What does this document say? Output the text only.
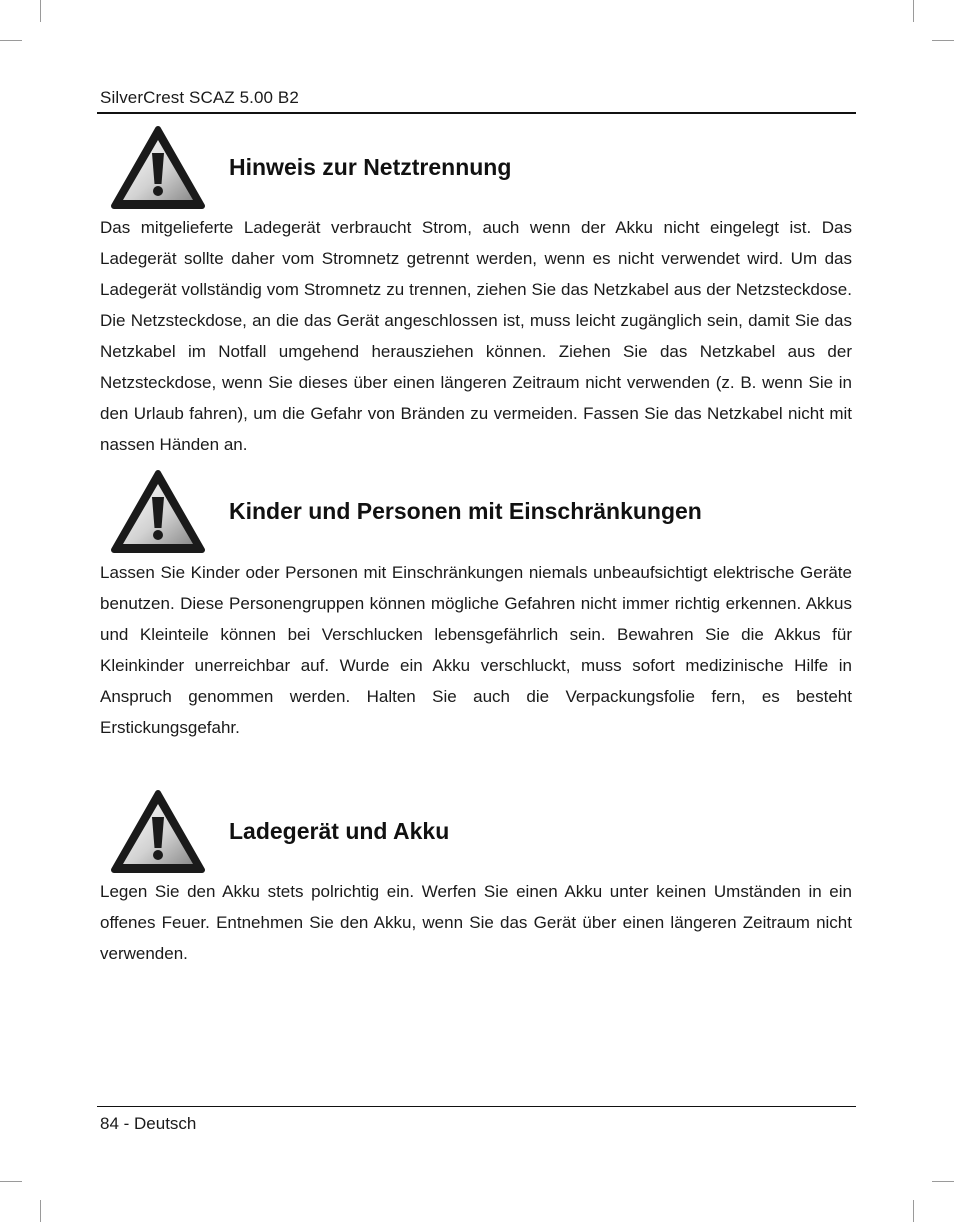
SilverCrest SCAZ 5.00 B2
Hinweis zur Netztrennung

Das mitgelieferte Ladegerät verbraucht Strom, auch wenn der Akku nicht eingelegt ist. Das Ladegerät sollte daher vom Stromnetz getrennt werden, wenn es nicht verwendet wird. Um das Ladegerät vollständig vom Stromnetz zu trennen, ziehen Sie das Netzkabel aus der Netzsteckdose. Die Netzsteckdose, an die das Gerät angeschlossen ist, muss leicht zugänglich sein, damit Sie das Netzkabel im Notfall umgehend herausziehen können. Ziehen Sie das Netzkabel aus der Netzsteckdose, wenn Sie dieses über einen längeren Zeitraum nicht verwenden (z. B. wenn Sie in den Urlaub fahren), um die Gefahr von Bränden zu vermeiden. Fassen Sie das Netzkabel nicht mit nassen Händen an.

Kinder und Personen mit Einschränkungen

Lassen Sie Kinder oder Personen mit Einschränkungen niemals unbeaufsichtigt elektrische Geräte benutzen. Diese Personengruppen können mögliche Gefahren nicht immer richtig erkennen. Akkus und Kleinteile können bei Verschlucken lebensgefährlich sein. Bewahren Sie die Akkus für Kleinkinder unerreichbar auf. Wurde ein Akku verschluckt, muss sofort medizinische Hilfe in Anspruch genommen werden. Halten Sie auch die Verpackungsfolie fern, es besteht Erstickungsgefahr.

Ladegerät und Akku

Legen Sie den Akku stets polrichtig ein. Werfen Sie einen Akku unter keinen Umständen in ein offenes Feuer. Entnehmen Sie den Akku, wenn Sie das Gerät über einen längeren Zeitraum nicht verwenden.

84 - Deutsch
